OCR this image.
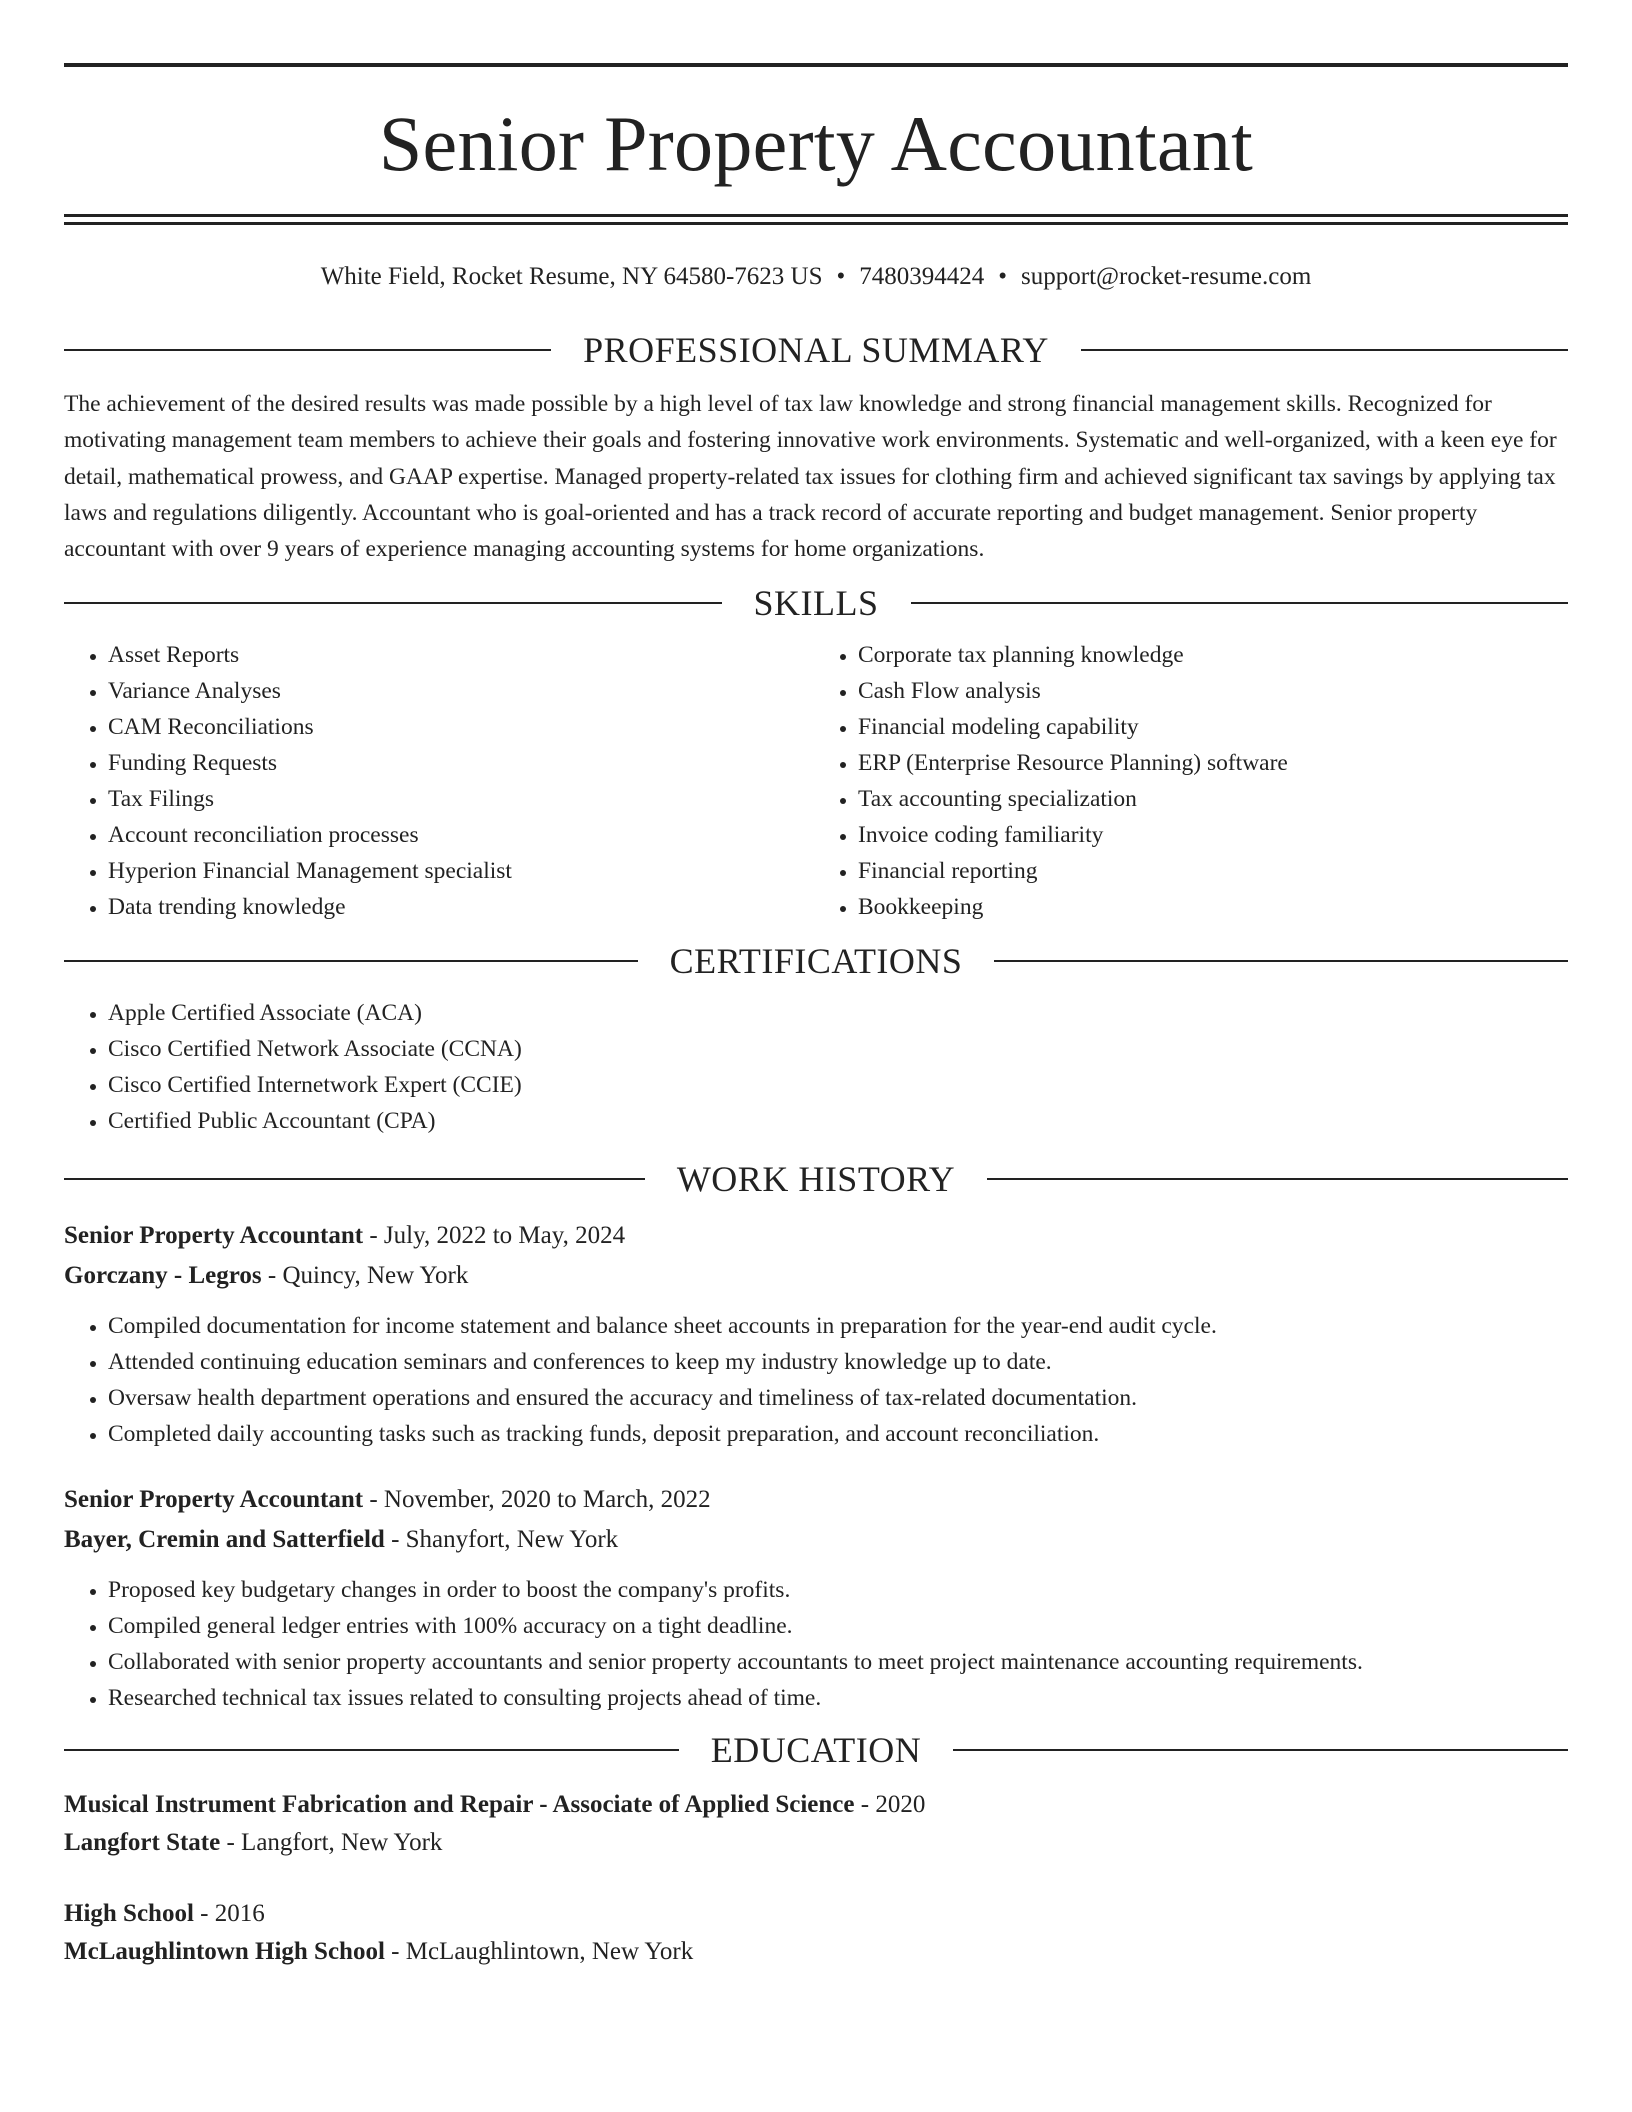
Senior Property Accountant
White Field, Rocket Resume, NY 64580-7623 US • 7480394424 • support@rocket-resume.com
PROFESSIONAL SUMMARY

The achievement of the desired results was made possible by a high level of tax law knowledge and strong financial management skills. Recognized for motivating management team members to achieve their goals and fostering innovative work environments. Systematic and well-organized, with a keen eye for detail, mathematical prowess, and GAAP expertise. Managed property-related tax issues for clothing firm and achieved significant tax savings by applying tax laws and regulations diligently. Accountant who is goal-oriented and has a track record of accurate reporting and budget management. Senior property accountant with over 9 years of experience managing accounting systems for home organizations.

SKILLS
• Asset Reports
• Variance Analyses
• CAM Reconciliations
• Funding Requests
• Tax Filings
• Account reconciliation processes
• Hyperion Financial Management specialist
• Data trending knowledge
• Corporate tax planning knowledge
• Cash Flow analysis
• Financial modeling capability
• ERP (Enterprise Resource Planning) software
• Tax accounting specialization
• Invoice coding familiarity
• Financial reporting
• Bookkeeping
CERTIFICATIONS
• Apple Certified Associate (ACA)
• Cisco Certified Network Associate (CCNA)
• Cisco Certified Internetwork Expert (CCIE)
• Certified Public Accountant (CPA)
WORK HISTORY
Senior Property Accountant - July, 2022 to May, 2024
Gorczany - Legros - Quincy, New York
• Compiled documentation for income statement and balance sheet accounts in preparation for the year-end audit cycle.
• Attended continuing education seminars and conferences to keep my industry knowledge up to date.
• Oversaw health department operations and ensured the accuracy and timeliness of tax-related documentation.
• Completed daily accounting tasks such as tracking funds, deposit preparation, and account reconciliation.
Senior Property Accountant - November, 2020 to March, 2022
Bayer, Cremin and Satterfield - Shanyfort, New York
• Proposed key budgetary changes in order to boost the company's profits.
• Compiled general ledger entries with 100% accuracy on a tight deadline.
• Collaborated with senior property accountants and senior property accountants to meet project maintenance accounting requirements.
• Researched technical tax issues related to consulting projects ahead of time.
EDUCATION
Musical Instrument Fabrication and Repair - Associate of Applied Science - 2020
Langfort State - Langfort, New York
High School - 2016
McLaughlintown High School - McLaughlintown, New York
